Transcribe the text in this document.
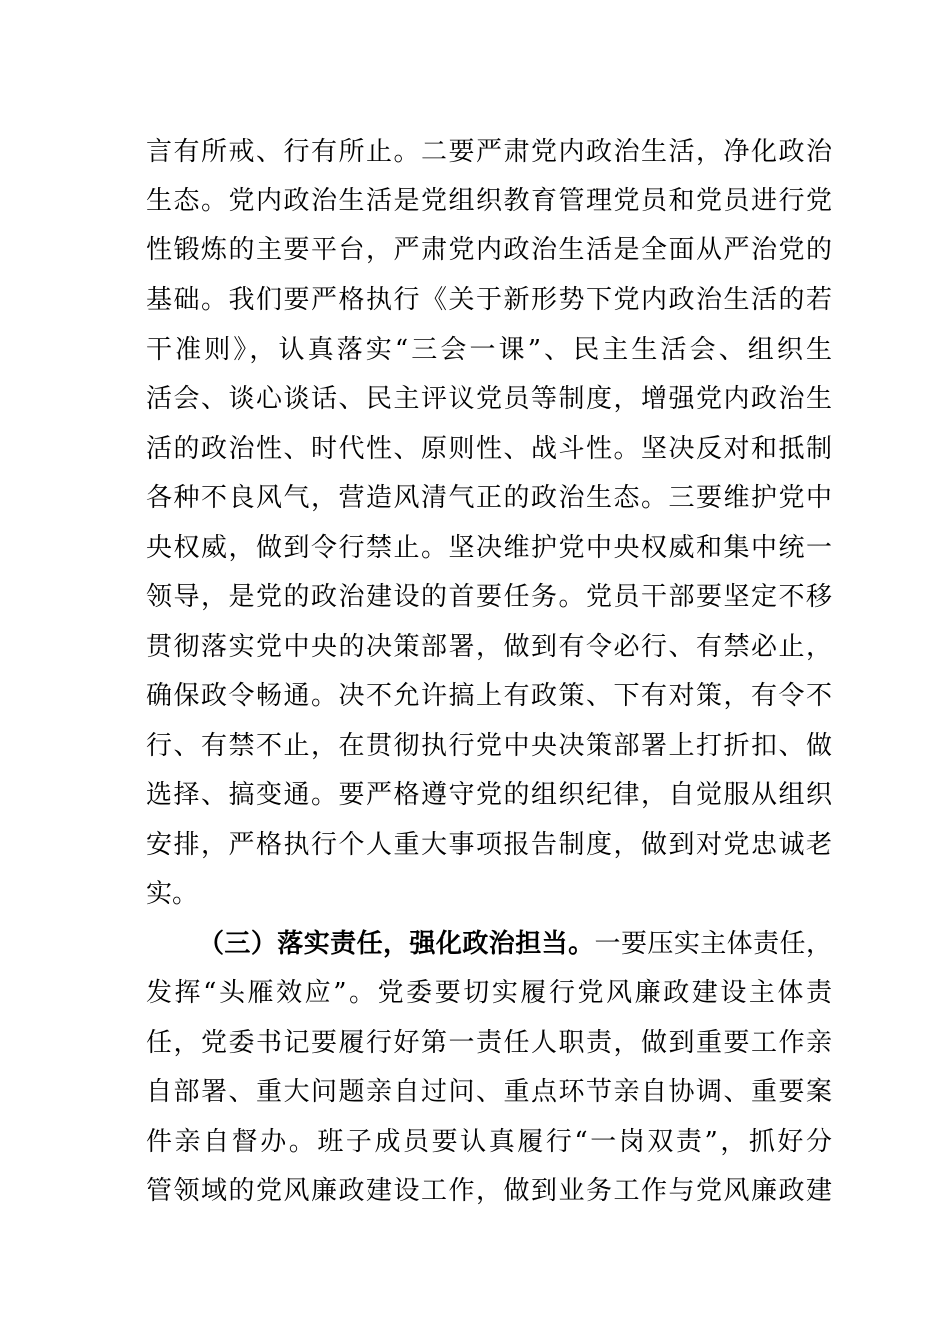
言有所戒、行有所止。二要严肃党内政治生活，净化政治
生态。党内政治生活是党组织教育管理党员和党员进行党
性锻炼的主要平台，严肃党内政治生活是全面从严治党的
基础。我们要严格执行《关于新形势下党内政治生活的若
干准则》，认真落实“三会一课”、民主生活会、组织生
活会、谈心谈话、民主评议党员等制度，增强党内政治生
活的政治性、时代性、原则性、战斗性。坚决反对和抵制
各种不良风气，营造风清气正的政治生态。三要维护党中
央权威，做到令行禁止。坚决维护党中央权威和集中统一
领导，是党的政治建设的首要任务。党员干部要坚定不移
贯彻落实党中央的决策部署，做到有令必行、有禁必止，
确保政令畅通。决不允许搞上有政策、下有对策，有令不
行、有禁不止，在贯彻执行党中央决策部署上打折扣、做
选择、搞变通。要严格遵守党的组织纪律，自觉服从组织
安排，严格执行个人重大事项报告制度，做到对党忠诚老
实。
（三）落实责任，强化政治担当。一要压实主体责任，
发挥“头雁效应”。党委要切实履行党风廉政建设主体责
任，党委书记要履行好第一责任人职责，做到重要工作亲
自部署、重大问题亲自过问、重点环节亲自协调、重要案
件亲自督办。班子成员要认真履行“一岗双责”，抓好分
管领域的党风廉政建设工作，做到业务工作与党风廉政建
